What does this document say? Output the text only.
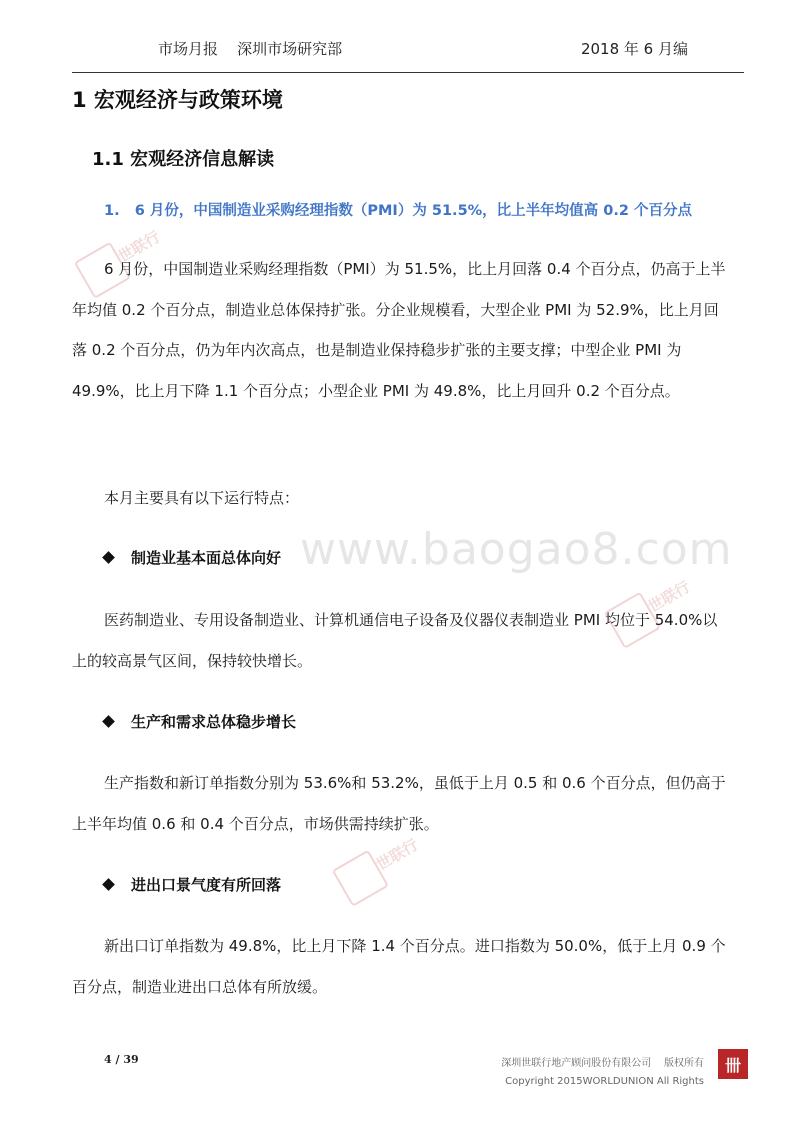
市场月报    深圳市场研究部	2018 年 6 月编
www.baogao8.com
世联行
世联行
世联行
1 宏观经济与政策环境
1.1 宏观经济信息解读
1.   6 月份，中国制造业采购经理指数（PMI）为 51.5%，比上半年均值高 0.2 个百分点
6 月份，中国制造业采购经理指数（PMI）为 51.5%，比上月回落 0.4 个百分点，仍高于上半年均值 0.2 个百分点，制造业总体保持扩张。分企业规模看，大型企业 PMI 为 52.9%，比上月回落 0.2 个百分点，仍为年内次高点，也是制造业保持稳步扩张的主要支撑；中型企业 PMI 为 49.9%，比上月下降 1.1 个百分点；小型企业 PMI 为 49.8%，比上月回升 0.2 个百分点。
本月主要具有以下运行特点：
制造业基本面总体向好
医药制造业、专用设备制造业、计算机通信电子设备及仪器仪表制造业 PMI 均位于 54.0%以上的较高景气区间，保持较快增长。
生产和需求总体稳步增长
生产指数和新订单指数分别为 53.6%和 53.2%，虽低于上月 0.5 和 0.6 个百分点，但仍高于上半年均值 0.6 和 0.4 个百分点，市场供需持续扩张。
进出口景气度有所回落
新出口订单指数为 49.8%，比上月下降 1.4 个百分点。进口指数为 50.0%，低于上月 0.9 个百分点，制造业进出口总体有所放缓。
4 / 39	深圳世联行地产顾问股份有限公司    版权所有
Copyright 2015WORLDUNION All Rights
卌
